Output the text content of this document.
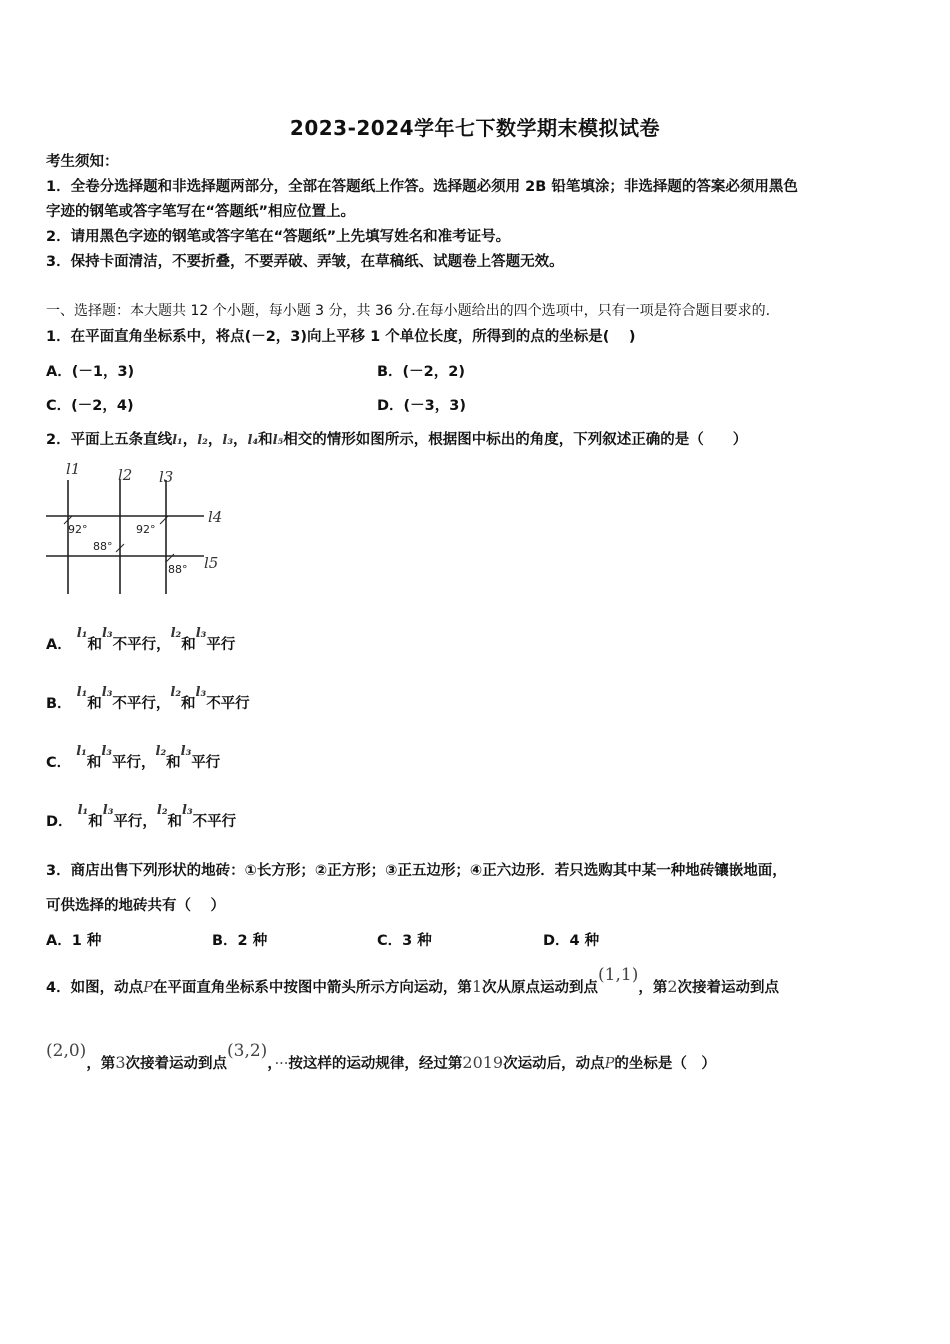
2023-2024学年七下数学期末模拟试卷
考生须知：
1．全卷分选择题和非选择题两部分，全部在答题纸上作答。选择题必须用 2B 铅笔填涂；非选择题的答案必须用黑色
字迹的钢笔或答字笔写在“答题纸”相应位置上。
2．请用黑色字迹的钢笔或答字笔在“答题纸”上先填写姓名和准考证号。
3．保持卡面清洁，不要折叠，不要弄破、弄皱，在草稿纸、试题卷上答题无效。
一、选择题：本大题共 12 个小题，每小题 3 分，共 36 分.在每小题给出的四个选项中，只有一项是符合题目要求的.
1．在平面直角坐标系中，将点(－2，3)向上平移 1 个单位长度，所得到的点的坐标是(　 )
A．(－1，3)	B．(－2，2)
C．(－2，4)	D．(－3，3)
2．平面上五条直线l₁，l₂，l₃，l₄和l₅相交的情形如图所示，根据图中标出的角度，下列叙述正确的是（　　）
l1	l2 l3
l4
l5
92°
88°
92°
88°
A． l₁和l₃不平行，l₂和l₃平行
B． l₁和l₃不平行，l₂和l₃不平行
C． l₁和l₃平行，l₂和l₃平行
D． l₁和l₃平行，l₂和l₃不平行
3．商店出售下列形状的地砖：①长方形；②正方形；③正五边形；④正六边形．若只选购其中某一种地砖镶嵌地面，
可供选择的地砖共有（　 ）
A．1 种	B．2 种	C．3 种	D．4 种
4．如图，动点P在平面直角坐标系中按图中箭头所示方向运动，第1次从原点运动到点(1,1)，第2次接着运动到点
(2,0)，第3次接着运动到点(3,2)，···按这样的运动规律，经过第2019次运动后，动点P的坐标是（　）
